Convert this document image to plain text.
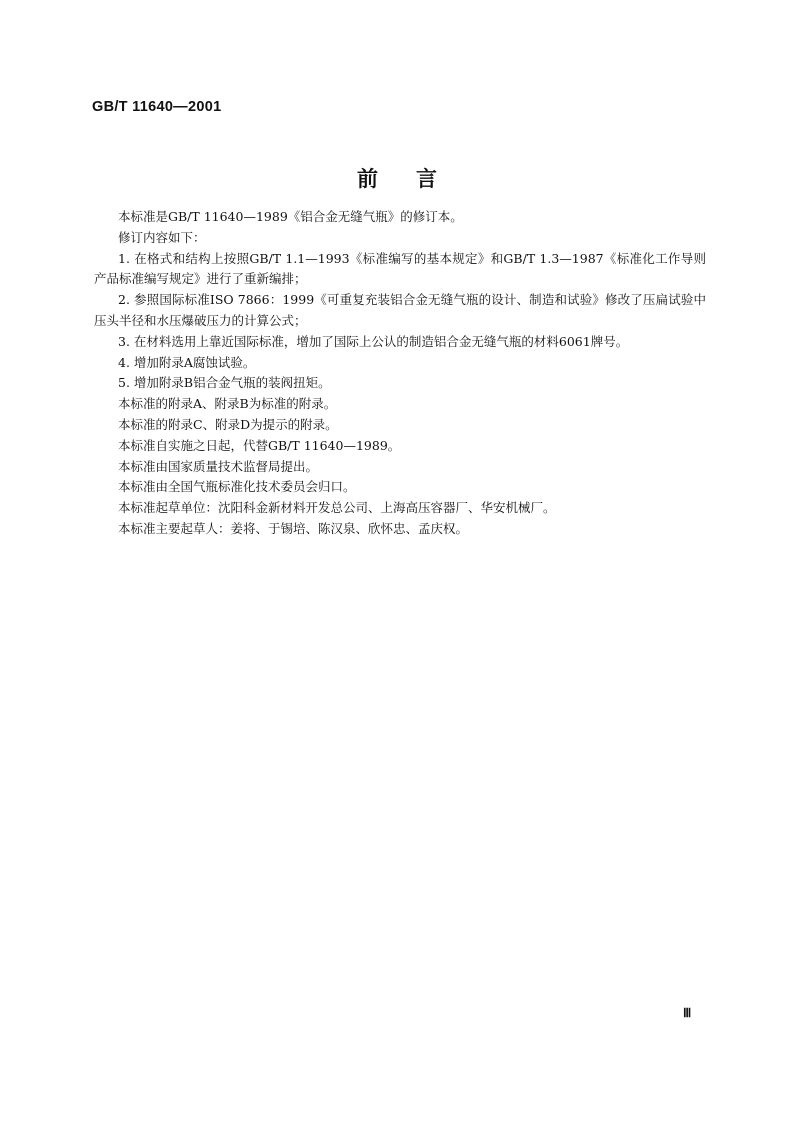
GB/T 11640—2001

前言

本标准是GB/T 11640—1989《铝合金无缝气瓶》的修订本。

修订内容如下：

1. 在格式和结构上按照GB/T 1.1—1993《标准编写的基本规定》和GB/T 1.3—1987《标准化工作导则　产品标准编写规定》进行了重新编排；

2. 参照国际标准ISO 7866：1999《可重复充装铝合金无缝气瓶的设计、制造和试验》修改了压扁试验中压头半径和水压爆破压力的计算公式；

3. 在材料选用上靠近国际标准，增加了国际上公认的制造铝合金无缝气瓶的材料6061牌号。

4. 增加附录A腐蚀试验。

5. 增加附录B铝合金气瓶的装阀扭矩。

本标准的附录A、附录B为标准的附录。

本标准的附录C、附录D为提示的附录。

本标准自实施之日起，代替GB/T 11640—1989。

本标准由国家质量技术监督局提出。

本标准由全国气瓶标准化技术委员会归口。

本标准起草单位：沈阳科金新材料开发总公司、上海高压容器厂、华安机械厂。

本标准主要起草人：姜将、于锡培、陈汉泉、欣怀忠、孟庆权。

Ⅲ
